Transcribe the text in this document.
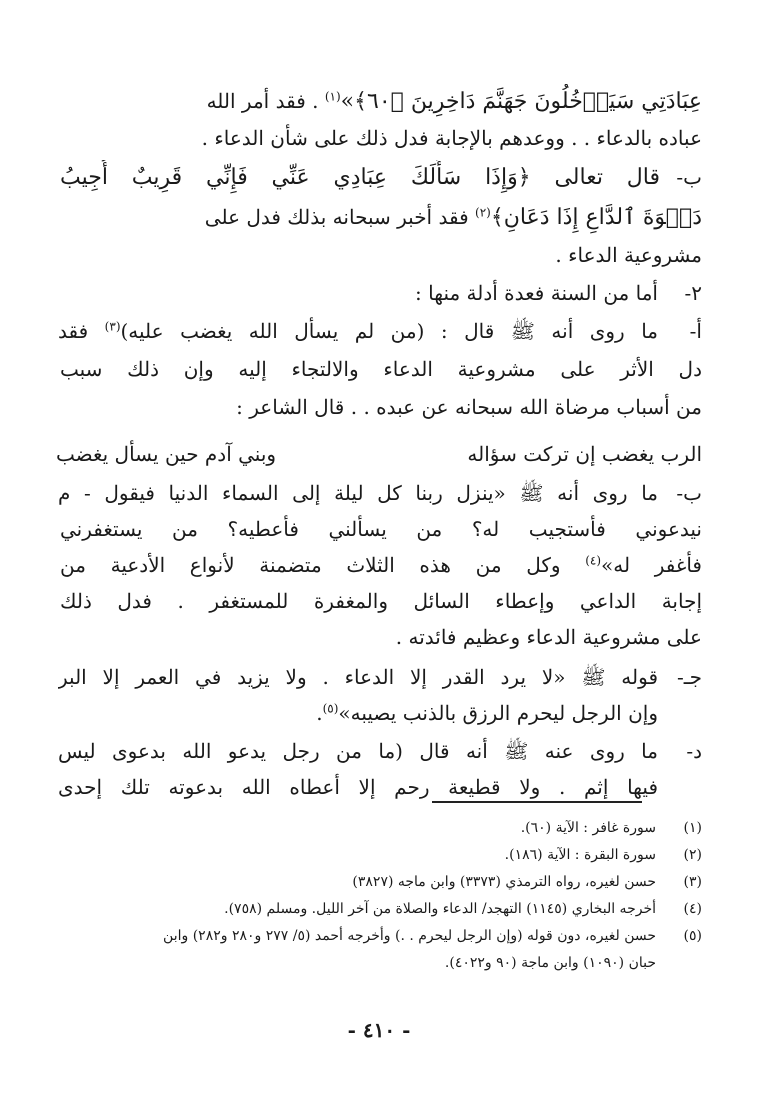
عِبَادَتِي سَيَدۡخُلُونَ جَهَنَّمَ دَاخِرِينَ ﴿٦٠﴾»$^{(١)}$ . فقد أمر الله
عباده بالدعاء . . ووعدهم بالإجابة فدل ذلك على شأن الدعاء .
ب-
قال تعالى ﴿وَإِذَا سَأَلَكَ عِبَادِي عَنِّي فَإِنِّي قَرِيبٌ أُجِيبُ
دَعۡوَةَ ٱلدَّاعِ إِذَا دَعَانِ﴾$^{(٢)}$ فقد أخبر سبحانه بذلك فدل على
مشروعية الدعاء .
٢-
أما من السنة فعدة أدلة منها :
أ-
ما روى أنه ﷺ قال : (من لم يسأل الله يغضب عليه)$^{(٣)}$ فقد
دل الأثر على مشروعية الدعاء والالتجاء إليه وإن ذلك سبب
من أسباب مرضاة الله سبحانه عن عبده . . قال الشاعر :
الرب يغضب إن تركت سؤاله
وبني آدم حين يسأل يغضب
ب-
ما روى أنه ﷺ «ينزل ربنا كل ليلة إلى السماء الدنيا فيقول - م
نيدعوني فأستجيب له؟ من يسألني فأعطيه؟ من يستغفرني
فأغفر له»$^{(٤)}$ وكل من هذه الثلاث متضمنة لأنواع الأدعية من
إجابة الداعي وإعطاء السائل والمغفرة للمستغفر . فدل ذلك
على مشروعية الدعاء وعظيم فائدته .
جـ-
قوله ﷺ «لا يرد القدر إلا الدعاء . ولا يزيد في العمر إلا البر
وإن الرجل ليحرم الرزق بالذنب يصيبه»$^{(٥)}$.
د-
ما روى عنه ﷺ أنه قال (ما من رجل يدعو الله بدعوى ليس
فيها إثم . ولا قطيعة رحم إلا أعطاه الله بدعوته تلك إحدى
(١)سورة غافر : الآية (٦٠).
(٢)سورة البقرة : الآية (١٨٦).
(٣)حسن لغيره، رواه الترمذي (٣٣٧٣) وابن ماجه (٣٨٢٧)
(٤)أخرجه البخاري (١١٤٥) التهجد/ الدعاء والصلاة من آخر الليل. ومسلم (٧٥٨).
(٥)حسن لغيره، دون قوله (وإن الرجل ليحرم . .) وأخرجه أحمد (٥/ ٢٧٧ و٢٨٠ و٢٨٢) وابن
حبان (١٠٩٠) وابن ماجة (٩٠ و٤٠٢٢).
- ٤١٠ -
